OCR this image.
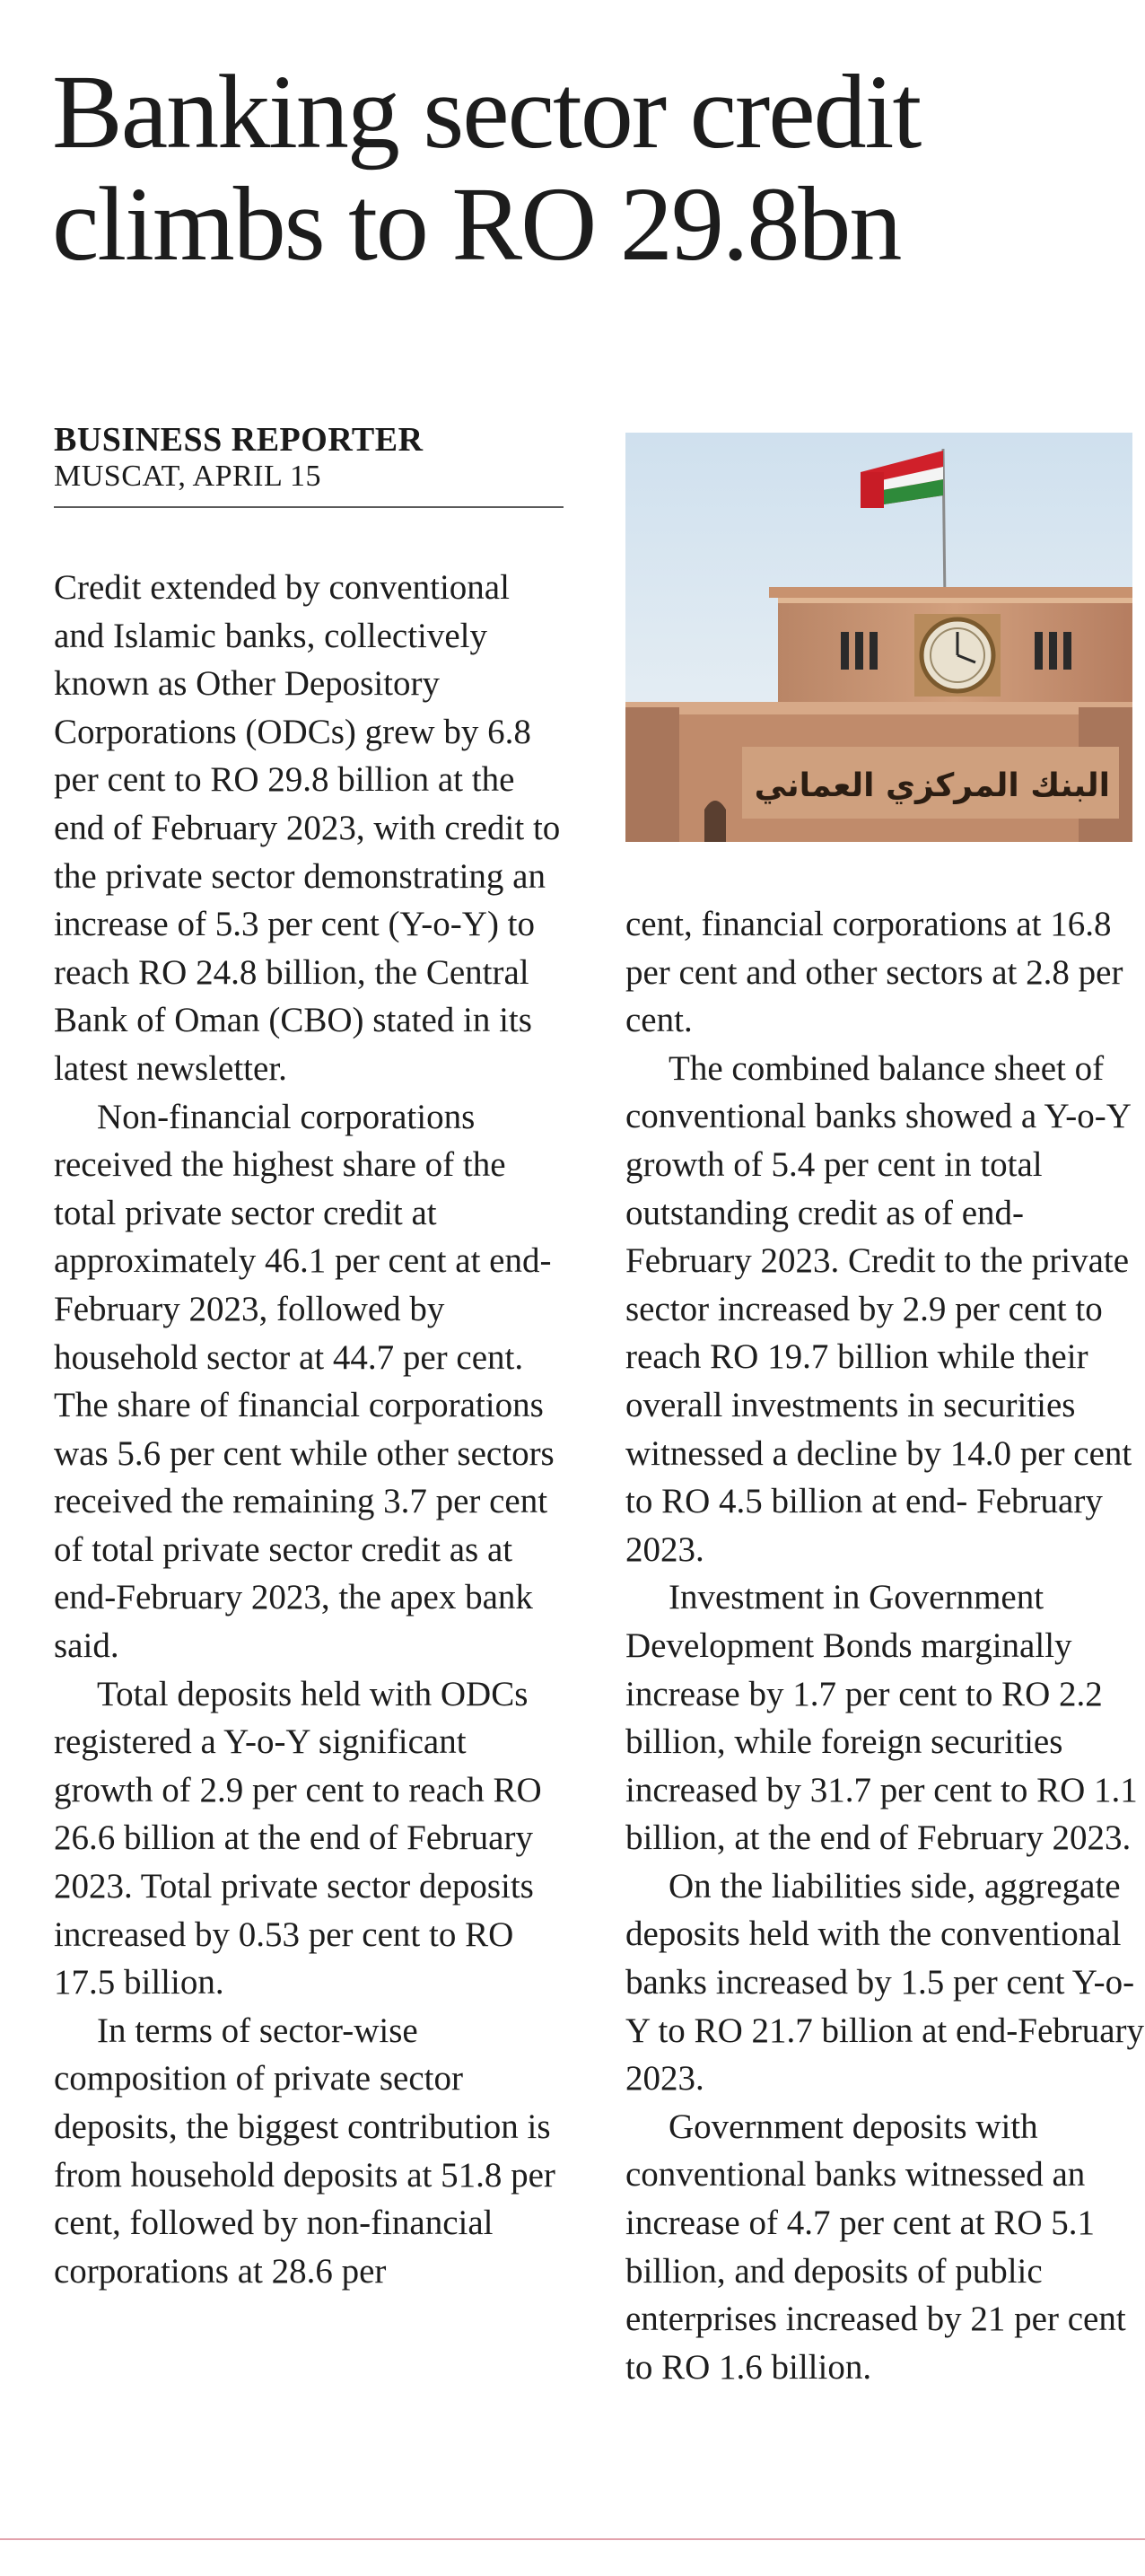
Banking sector credit
climbs to RO 29.8bn
BUSINESS REPORTER
MUSCAT, APRIL 15

Credit extended by conventional and Islamic banks, collectively known as Other Depository Corporations (ODCs) grew by 6.8 per cent to RO 29.8 billion at the end of February 2023, with credit to the private sector demonstrating an increase of 5.3 per cent (Y-o-Y) to reach RO 24.8 billion, the Central Bank of Oman (CBO) stated in its latest newsletter.

Non-financial corporations received the highest share of the total private sector credit at approximately 46.1 per cent at end-February 2023, followed by household sector at 44.7 per cent. The share of financial corporations was 5.6 per cent while other sectors received the remaining 3.7 per cent of total private sector credit as at end-February 2023, the apex bank said.

Total deposits held with ODCs registered a Y-o-Y significant growth of 2.9 per cent to reach RO 26.6 billion at the end of February 2023. Total private sector deposits increased by 0.53 per cent to RO 17.5 billion.

In terms of sector-wise composition of private sector deposits, the biggest contribution is from household deposits at 51.8 per cent, followed by non-financial corporations at 28.6 per

البنك المركزي العماني

cent, financial corporations at 16.8 per cent and other sectors at 2.8 per cent.

The combined balance sheet of conventional banks showed a Y-o-Y growth of 5.4 per cent in total outstanding credit as of end-February 2023. Credit to the private sector increased by 2.9 per cent to reach RO 19.7 billion while their overall investments in securities witnessed a decline by 14.0 per cent to RO 4.5 billion at end- February 2023.

Investment in Government Development Bonds marginally increase by 1.7 per cent to RO 2.2 billion, while foreign securities increased by 31.7 per cent to RO 1.1 billion, at the end of February 2023.

On the liabilities side, aggregate deposits held with the conventional banks increased by 1.5 per cent Y-o-Y to RO 21.7 billion at end-February 2023.

Government deposits with conventional banks witnessed an increase of 4.7 per cent at RO 5.1 billion, and deposits of public enterprises increased by 21 per cent to RO 1.6 billion.
